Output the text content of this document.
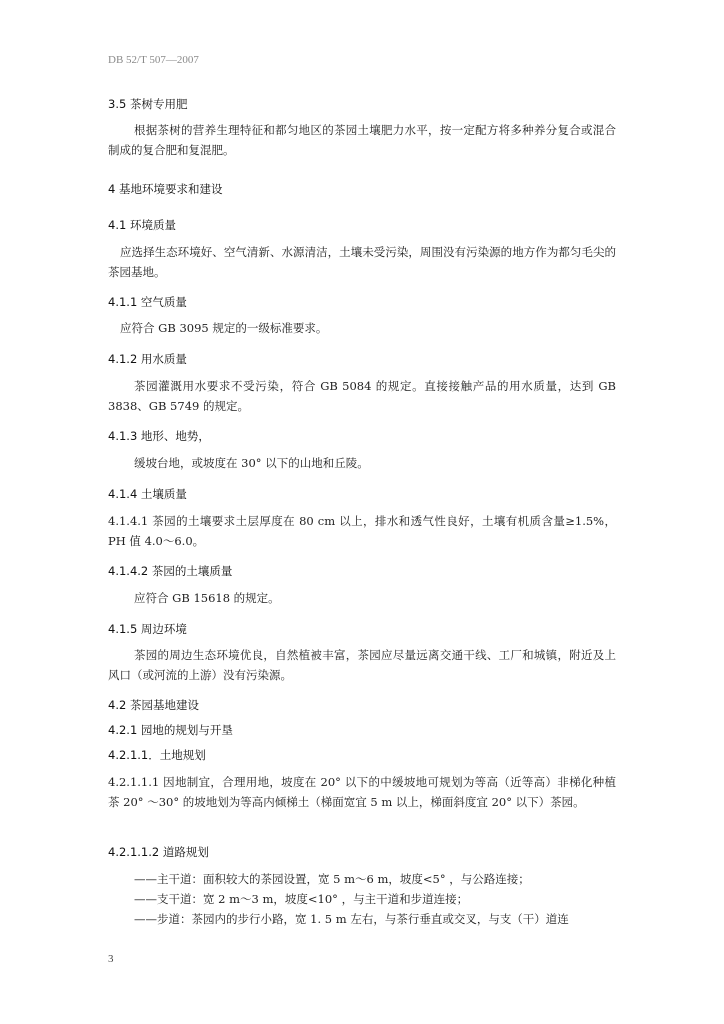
DB 52/T 507—2007
3.5 茶树专用肥
根据茶树的营养生理特征和都匀地区的茶园土壤肥力水平，按一定配方将多种养分复合或混合制成的复合肥和复混肥。
4 基地环境要求和建设
4.1 环境质量
应选择生态环境好、空气清新、水源清洁，土壤未受污染，周围没有污染源的地方作为都匀毛尖的茶园基地。
4.1.1 空气质量
应符合 GB 3095 规定的一级标准要求。
4.1.2 用水质量
茶园灌溉用水要求不受污染，符合 GB 5084 的规定。直接接触产品的用水质量，达到 GB 3838、GB 5749 的规定。
4.1.3 地形、地势，
缓坡台地，或坡度在 30° 以下的山地和丘陵。
4.1.4 土壤质量
4.1.4.1 茶园的土壤要求土层厚度在 80 cm 以上，排水和透气性良好，土壤有机质含量≥1.5%，PH 值 4.0～6.0。
4.1.4.2 茶园的土壤质量
应符合 GB 15618 的规定。
4.1.5 周边环境
茶园的周边生态环境优良，自然植被丰富，茶园应尽量远离交通干线、工厂和城镇，附近及上风口（或河流的上游）没有污染源。
4.2 茶园基地建设
4.2.1 园地的规划与开垦
4.2.1.1．土地规划
4.2.1.1.1 因地制宜，合理用地，坡度在 20° 以下的中缓坡地可规划为等高（近等高）非梯化种植茶 20° ～30° 的坡地划为等高内倾梯土（梯面宽宜 5 m 以上，梯面斜度宜 20° 以下）茶园。
4.2.1.1.2 道路规划
——主干道：面积较大的茶园设置，宽 5 m～6 m，坡度<5° ，与公路连接；
——支干道：宽 2 m～3 m，坡度<10° ，与主干道和步道连接；
——步道：茶园内的步行小路，宽 1. 5 m 左右，与茶行垂直或交叉，与支（干）道连
3
